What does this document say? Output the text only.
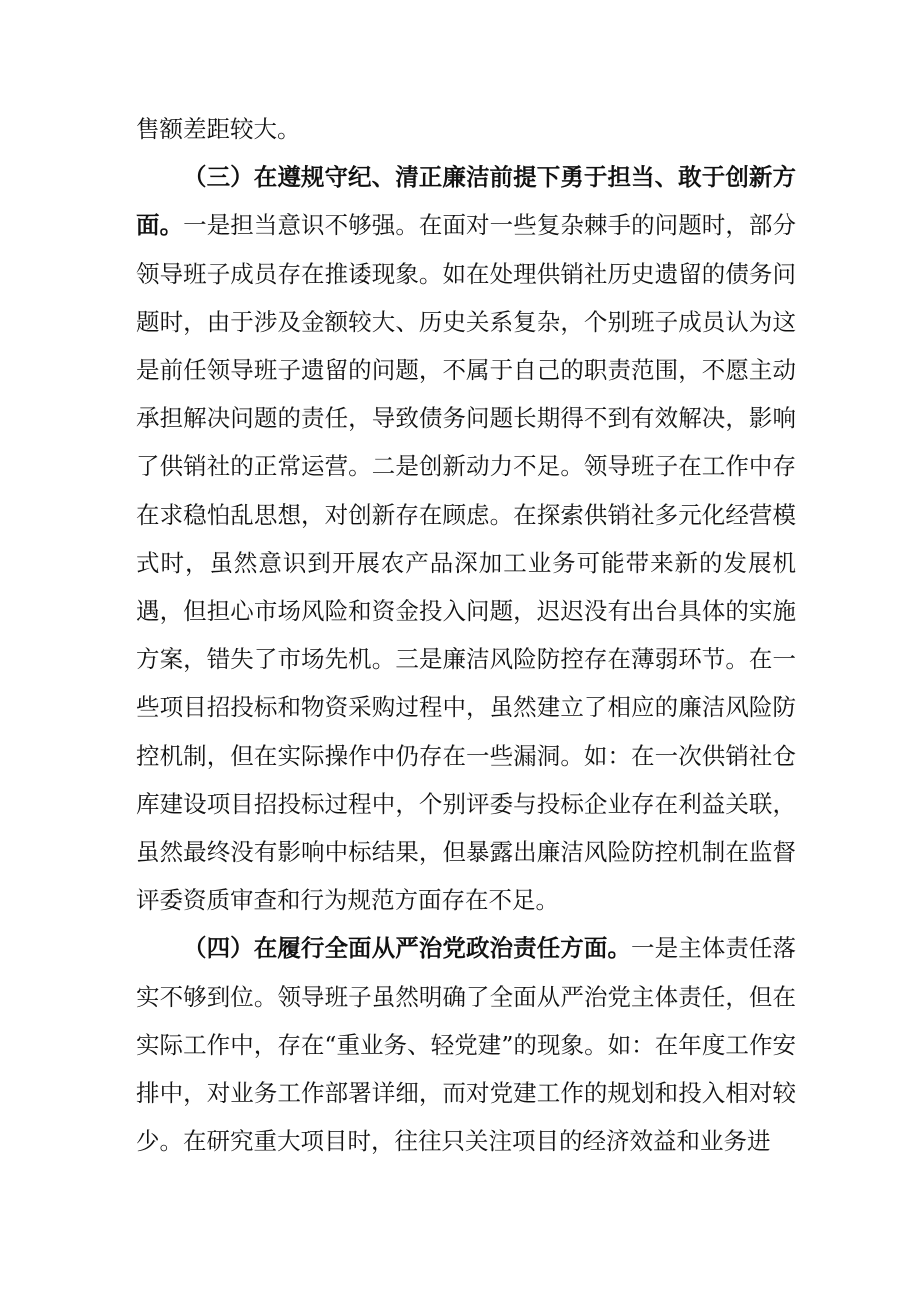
售额差距较大。

（三）在遵规守纪、清正廉洁前提下勇于担当、敢于创新方面。一是担当意识不够强。在面对一些复杂棘手的问题时，部分领导班子成员存在推诿现象。如在处理供销社历史遗留的债务问题时，由于涉及金额较大、历史关系复杂，个别班子成员认为这是前任领导班子遗留的问题，不属于自己的职责范围，不愿主动承担解决问题的责任，导致债务问题长期得不到有效解决，影响了供销社的正常运营。二是创新动力不足。领导班子在工作中存在求稳怕乱思想，对创新存在顾虑。在探索供销社多元化经营模式时，虽然意识到开展农产品深加工业务可能带来新的发展机遇，但担心市场风险和资金投入问题，迟迟没有出台具体的实施方案，错失了市场先机。三是廉洁风险防控存在薄弱环节。在一些项目招投标和物资采购过程中，虽然建立了相应的廉洁风险防控机制，但在实际操作中仍存在一些漏洞。如：在一次供销社仓库建设项目招投标过程中，个别评委与投标企业存在利益关联，虽然最终没有影响中标结果，但暴露出廉洁风险防控机制在监督评委资质审查和行为规范方面存在不足。

（四）在履行全面从严治党政治责任方面。一是主体责任落实不够到位。领导班子虽然明确了全面从严治党主体责任，但在实际工作中，存在“重业务、轻党建”的现象。如：在年度工作安排中，对业务工作部署详细，而对党建工作的规划和投入相对较少。在研究重大项目时，往往只关注项目的经济效益和业务进
